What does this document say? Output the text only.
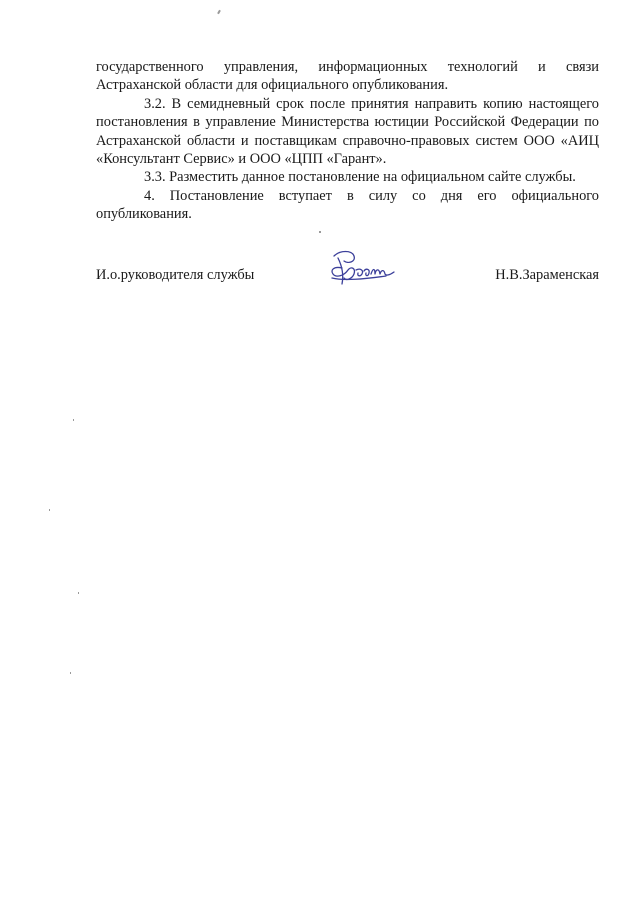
государственного управления, информационных технологий и связи Астраханской области для официального опубликования.

3.2. В семидневный срок после принятия направить копию настоящего постановления в управление Министерства юстиции Российской Федерации по Астраханской области и поставщикам справочно-правовых систем ООО «АИЦ «Консультант Сервис» и ООО «ЦПП «Гарант».

3.3. Разместить данное постановление на официальном сайте службы.

4. Постановление вступает в силу со дня его официального опубликования.

И.о.руководителя службы	Н.В.Зараменская
